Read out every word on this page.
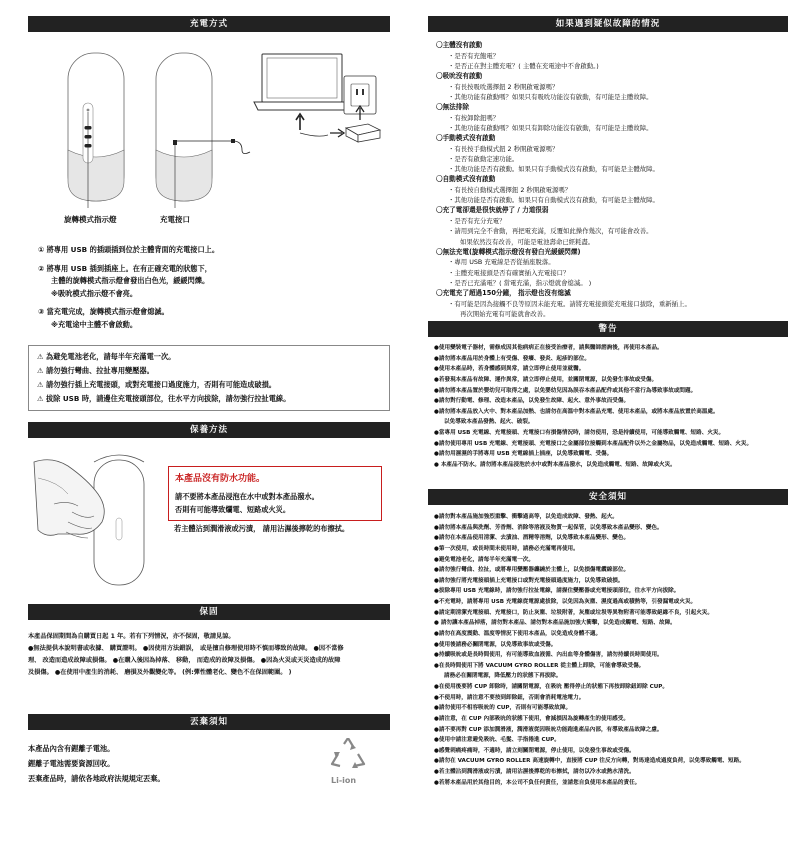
充電方式
旋轉模式指示燈	充電接口

① 將專用 USB 的插頭插到位於主體背面的充電接口上。

② 將專用 USB 插到插座上。在有正確充電的狀態下，

主體的旋轉模式指示燈會發出白色光，緩緩閃爍。

※吸吮模式指示燈不會亮。

③ 當充電完成，旋轉模式指示燈會熄滅。

※充電途中主體不會啟動。

⚠ 為避免電池老化，請每半年充滿電一次。

⚠ 請勿強行彎曲、拉扯專用變壓器。

⚠ 請勿強行插上充電接頭，或對充電接口過度施力，否則有可能造成破損。

⚠ 拔除 USB 時，請邊住充電接頭部位，往水平方向拔除，請勿強行拉扯電線。

保養方法

本產品沒有防水功能。

請不要將本產品浸泡在水中或對本產品潑水。

否則有可能導致爛電、短路或火災。

若主體沾到潤滑液或污漬， 請用沾濕後擰乾的布擦拭。
保固

本產品保固期間為自購買日起 1 年。若有下列情況，亦不保固，敬請見諒。

●無法提供本說明書或收據、 購買證明。 ●因使用方法錯誤， 或是擅自修理使用時不慎而導致的故障。 ●因不當修

理、 改造而造成故障或損傷。 ●在購入後因為掉落、 移動， 而造成的故障及損傷。 ●因為火災或天災造成的故障

及損傷。 ●在使用中產生的消耗、 磨損及外觀變化等。 (例:彈性體老化、變色不在保固範圍。 )

丟棄須知

本產品內含有鋰離子電池。

鋰離子電池需要資源回收。

丟棄產品時，請依各地政府法規規定丟棄。	Li-ion
如果遇到疑似故障的情況
〇主體沒有啟動

・是否有充飽電？

・是否正在對主體充電？( 主體在充電途中不會啟動。)

〇吸吮沒有啟動

・有長按吸吮選擇鈕 2 秒開啟電源嗎？

・其他功能有啟動嗎？如果只有吸吮功能沒有啟動，有可能是主體故障。

〇無法排除

・有按卸除鈕嗎？

・其他功能有啟動嗎？如果只有卸除功能沒有啟動，有可能是主體故障。

〇手動模式沒有啟動

・有長按手動模式鈕 2 秒開啟電源嗎？

・是否有啟動定速功能。

・其他功能是否有啟動。如果只有手動模式沒有啟動，有可能是主體故障。

〇自動模式沒有啟動

・有長按自動模式選擇鈕 2 秒開啟電源嗎？

・其他功能是否有啟動。如果只有自動模式沒有啟動，有可能是主體故障。

〇充了電卻還是很快就停了 / 力道很弱

・是否有充分充電？

・請用到完全不會動，再把電充滿，反覆如此操作幾次，有可能會改善。

如果依然沒有改善，可能是電池壽命已經耗盡。

〇無法充電(旋轉模式指示燈沒有發白光緩緩閃爍)

・專用 USB 充電線是否從插座脫落。

・主體充電接頭是否有確實插入充電接口？

・是否已充滿電？( 當電充滿，指示燈就會熄滅。 )

〇充電充了超過150分鐘， 指示燈也沒有熄滅

・有可能是因為接觸不良等原因未能充電。請將充電接頭從充電接口拔除，重新插上。

再次開始充電有可能就會改善。

警告

●使用變裝電子器材，需修成因其他病病正在接受治療者，請與醫師諮詢後，再使用本產品。

●請勿將本產品用於身體上有受傷、發癢、發炎、起疹的部位。

●使用本產品時，若身體感到異常，請立即停止使用並就醫。

●若發現本產品有故障、運作異常，請立即停止使用，並關閉電源，以免發生事故或受傷。

●請勿將本產品置於嬰幼兒可取得之處，以免嬰幼兒因為誤吞本產品配件或其他不當行為導致事故或問題。

●請勿對行動電、修理、改造本產品，以免發生故障、起火、意外事故而受傷。

●請勿將本產品放入火中、對本產品加熱、也請勿在高溫中對本產品充電、使用本產品，或將本產品放置於高溫處。

以免導致本產品發熱、起火、破裂。

●當專用 USB 充電線、充電接頭、充電接口有損傷情況時，請勿使用，恐是持續使用，可能導致觸電、短路、火災。

●請勿使用專用 USB 充電線、充電接頭、充電接口之金屬部位接觸到本產品配件以外之金屬物品，以免造成觸電、短路、火災。

●請勿用濕濕的手將專用 USB 充電線插上插座，以免導致觸電、受傷。

● 本產品不防水。請勿將本產品浸泡於水中或對本產品潑水，以免造成觸電、短路、故障或火災。

安全須知

●請勿對本產品施加強烈重擊、衝擊過高等，以免造成故障、發熱、起火。

●請勿將本產品與洗劑、芳香劑、消除等溶液及物質一起保管，以免導致本產品變形、變色。

●請勿在本產品使用清潔、去漬油、酒精等溶劑，以免導致本產品變形、變色。

●第一次使用，或長時間未使用時，請務必充滿電再使用。

●避免電池老化，請每半年充滿電一次。

●請勿強行彎曲、拉扯，或將專用變壓器纏繞於主體上，以免損傷電纜線部位。

●請勿強行將充電接頭插上充電接口或對充電接頭過度施力，以免導致破損。

●拔除專用 USB 充電線時，請勿強行拉扯電線，請握住變壓器或充電接頭部位，往水平方向拔除。

●不充電時，請將專用 USB 充電線從電源處拔除，以免因為灰塵、濕度過高或積熱等，引發漏電或火災。

●請定期清潔充電接頭、充電接口，防止灰塵、垃圾附著，灰塵或垃圾等異物附著可能導致絕緣不良，引起火災。

● 請勿讓本產品掉落，請勿對本產品、請勿對本產品施加強大衝擊，以免造成觸電、短路、故障。

●請勿在高度震動、溫度等情況下使用本產品，以免造成身體不適。

●使用後請務必關閉電源，以免導致事故或受傷。

●持續吸吮或是長時間使用，有可能導致血液循、內出血等身體傷害，請勿持續長時間使用。

●在長時間使用下將 VACUUM GYRO ROLLER 從主體上卸除，可能會導致受傷。

請務必在關閉電源，降低壓力的狀態下再拔除。

●在使用後要將 CUP 卸除時，請關閉電源，在吸吮 壓得停止的狀態下再按卸除鈕卸除 CUP。

●不使用時，請注意不要按到卸除鈕，否則會消耗電池電力。

●請勿使用不相容吸吮的 CUP，否則有可能導致故障。

●請注意，在 CUP 內部吸吮的狀態下使用，會減損因為旋轉產生的使用感受。

●請不要再對 CUP 添加潤滑液，潤滑液從因吸吮功能跑進產品內部，有導致產品故障之慮。

●使用中請注意避免吸吮、毛髮、手指捲進 CUP。

●感覺刺痛疼痛時，不適時，請立刻關閉電源，停止使用，以免發生事故或受傷。

●請勿在 VACUUM GYRO ROLLER 高速旋轉中，直接將 CUP 往反方向轉，對馬達造成過度負荷，以免導致觸電、短路。

●若主體沾到潤滑液或污漬，請用沾濕後擰乾的布擦拭，請勿以冷水或熱水清洗。

●若將本產品用於其他目的，本公司不負任何責任，並請您自負使用本產品的責任。
